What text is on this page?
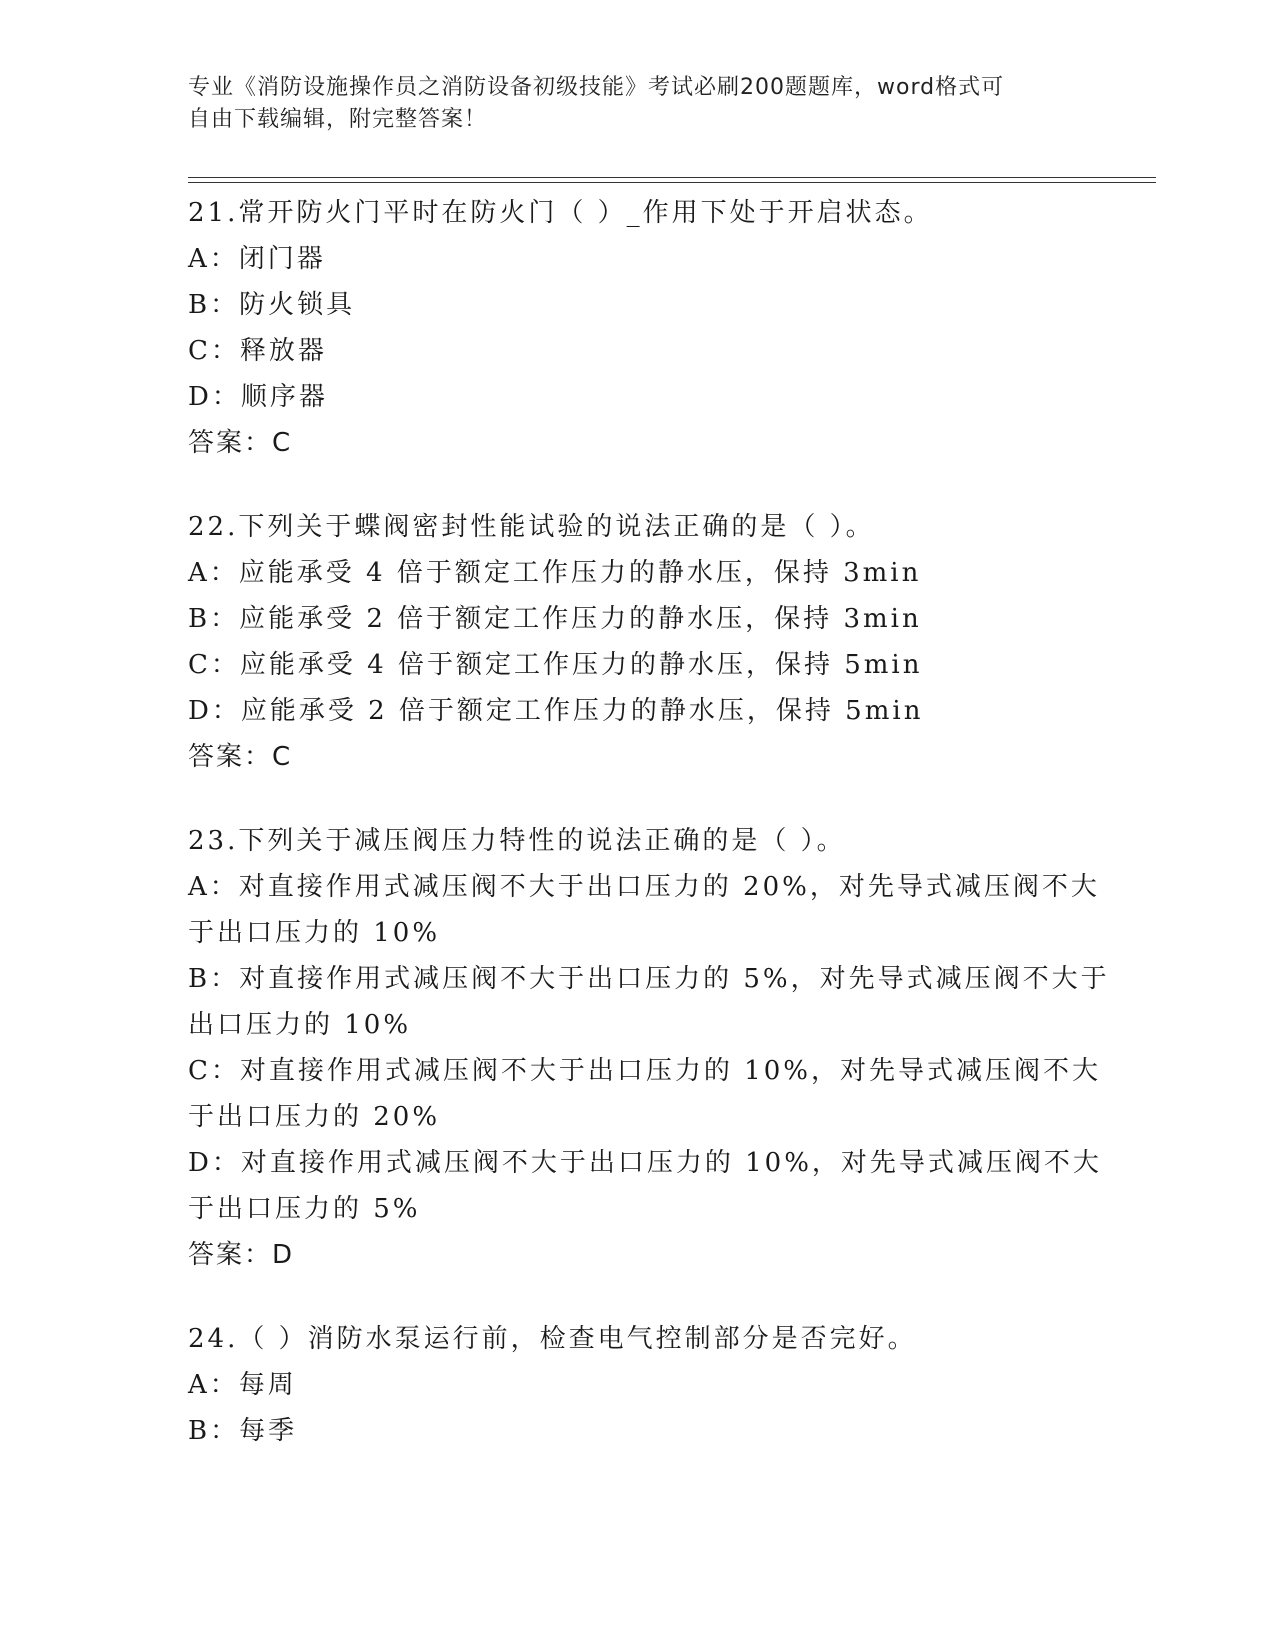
专业《消防设施操作员之消防设备初级技能》考试必刷200题题库，word格式可
自由下载编辑，附完整答案！
21.常开防火门平时在防火门（ ）_作用下处于开启状态。
A：闭门器
B：防火锁具
C：释放器
D：顺序器
答案：C
22.下列关于蝶阀密封性能试验的说法正确的是（ ）。
A：应能承受 4 倍于额定工作压力的静水压，保持 3min
B：应能承受 2 倍于额定工作压力的静水压，保持 3min
C：应能承受 4 倍于额定工作压力的静水压，保持 5min
D：应能承受 2 倍于额定工作压力的静水压，保持 5min
答案：C
23.下列关于减压阀压力特性的说法正确的是（ ）。
A：对直接作用式减压阀不大于出口压力的 20%，对先导式减压阀不大
于出口压力的 10%
B：对直接作用式减压阀不大于出口压力的 5%，对先导式减压阀不大于
出口压力的 10%
C：对直接作用式减压阀不大于出口压力的 10%，对先导式减压阀不大
于出口压力的 20%
D：对直接作用式减压阀不大于出口压力的 10%，对先导式减压阀不大
于出口压力的 5%
答案：D
24.（ ）消防水泵运行前，检查电气控制部分是否完好。
A：每周
B：每季
